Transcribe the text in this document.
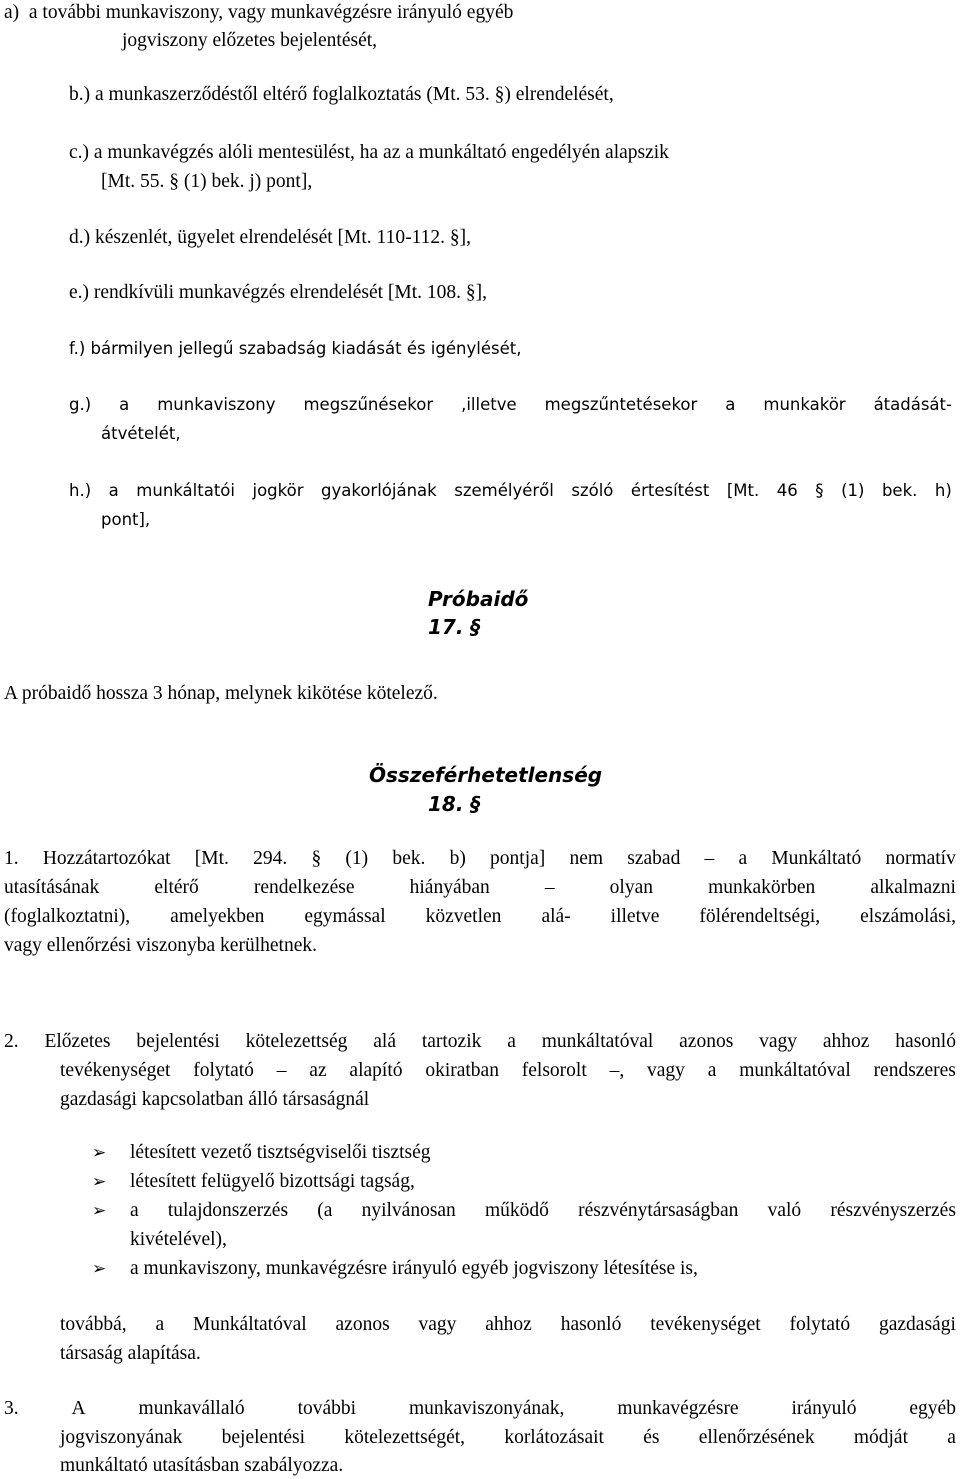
a)  a további munkaviszony, vagy munkavégzésre irányuló egyéb
jogviszony előzetes bejelentését,
b.) a munkaszerződéstől eltérő foglalkoztatás (Mt. 53. §) elrendelését,
c.) a munkavégzés alóli mentesülést, ha az a munkáltató engedélyén alapszik
[Mt. 55. § (1) bek. j) pont],
d.) készenlét, ügyelet elrendelését [Mt. 110-112. §],
e.) rendkívüli munkavégzés elrendelését [Mt. 108. §],
f.) bármilyen jellegű szabadság kiadását és igénylését,
g.) a munkaviszony megszűnésekor ,illetve megszűntetésekor a munkakör átadását-
átvételét,
h.) a munkáltatói jogkör gyakorlójának személyéről szóló értesítést [Mt. 46 § (1) bek. h)
pont],
Próbaidő
17. §
A próbaidő hossza 3 hónap, melynek kikötése kötelező.
Összeférhetetlenség
18. §
1. Hozzátartozókat [Mt. 294. § (1) bek. b) pontja] nem szabad – a Munkáltató normatív
utasításának	eltérő	rendelkezése	hiányában	–	olyan	munkakörben	alkalmazni
(foglalkoztatni), amelyekben egymással közvetlen alá- illetve fölérendeltségi, elszámolási,
vagy ellenőrzési viszonyba kerülhetnek.
2. Előzetes bejelentési kötelezettség alá tartozik a munkáltatóval azonos vagy ahhoz hasonló
tevékenységet folytató – az alapító okiratban felsorolt –, vagy a munkáltatóval rendszeres
gazdasági kapcsolatban álló társaságnál
➢ létesített vezető tisztségviselői tisztség
➢ létesített felügyelő bizottsági tagság,
➢ a tulajdonszerzés (a nyilvánosan működő részvénytársaságban való részvényszerzés
kivételével),
➢ a munkaviszony, munkavégzésre irányuló egyéb jogviszony létesítése is,
továbbá, a Munkáltatóval azonos vagy ahhoz hasonló tevékenységet folytató gazdasági
társaság alapítása.
3.	A	munkavállaló	további	munkaviszonyának,	munkavégzésre	irányuló	egyéb
jogviszonyának bejelentési kötelezettségét, korlátozásait és ellenőrzésének módját a
munkáltató utasításban szabályozza.
